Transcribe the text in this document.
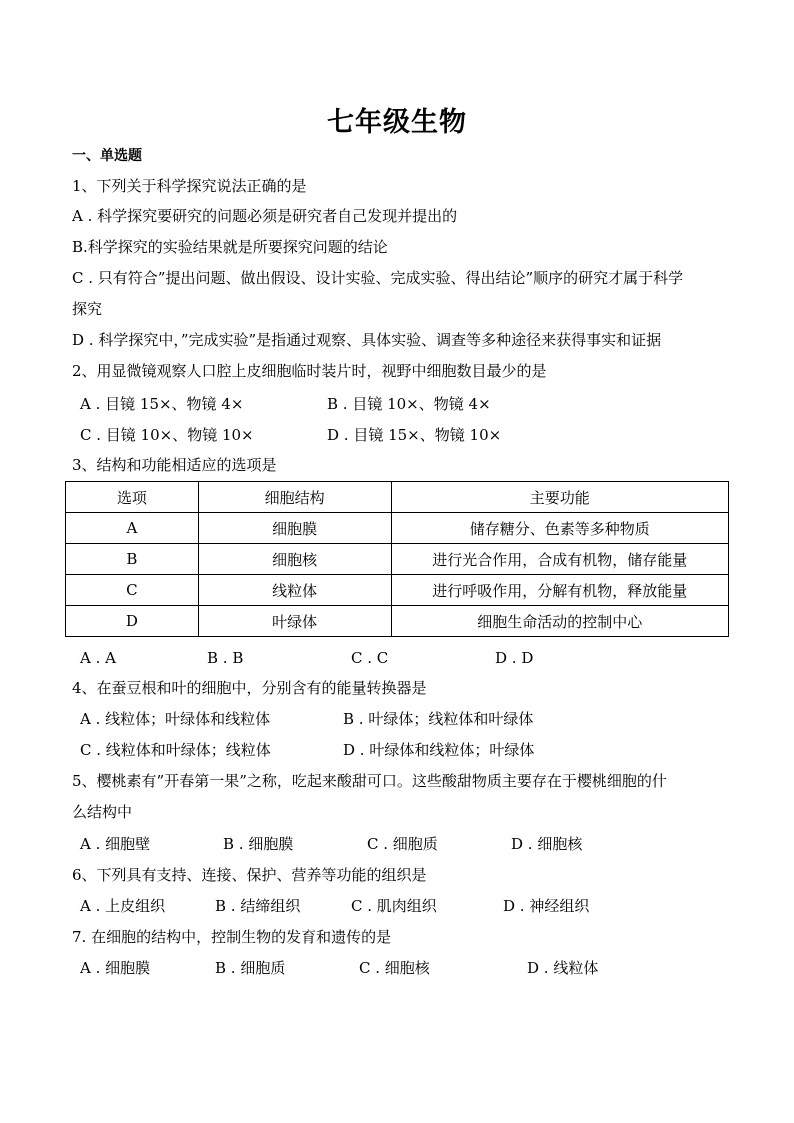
七年级生物
一、单选题
1、下列关于科学探究说法正确的是
A . 科学探究要研究的问题必须是研究者自己发现并提出的
B.科学探究的实验结果就是所要探究问题的结论
C . 只有符合”提出问题、做出假设、设计实验、完成实验、得出结论”顺序的研究才属于科学
探究
D . 科学探究中，”完成实验”是指通过观察、具体实验、调查等多种途径来获得事实和证据
2、用显微镜观察人口腔上皮细胞临时装片时，视野中细胞数目最少的是
A . 目镜 15×、物镜 4×	B . 目镜 10×、物镜 4×
C . 目镜 10×、物镜 10×	D . 目镜 15×、物镜 10×
3、结构和功能相适应的选项是
选项	细胞结构	主要功能
A	细胞膜	储存糖分、色素等多种物质
B	细胞核	进行光合作用，合成有机物，储存能量
C	线粒体	进行呼吸作用，分解有机物，释放能量
D	叶绿体	细胞生命活动的控制中心
A . A	B . B	C . C	D . D
4、在蚕豆根和叶的细胞中，分别含有的能量转换器是
A . 线粒体；叶绿体和线粒体	B . 叶绿体；线粒体和叶绿体
C . 线粒体和叶绿体；线粒体	D . 叶绿体和线粒体；叶绿体
5、樱桃素有”开春第一果”之称，吃起来酸甜可口。这些酸甜物质主要存在于樱桃细胞的什
么结构中
A . 细胞壁	B . 细胞膜	C . 细胞质	D . 细胞核
6、下列具有支持、连接、保护、营养等功能的组织是
A . 上皮组织	B . 结缔组织	C . 肌肉组织	D . 神经组织
7. 在细胞的结构中，控制生物的发育和遗传的是
A . 细胞膜	B . 细胞质	C . 细胞核	D . 线粒体
